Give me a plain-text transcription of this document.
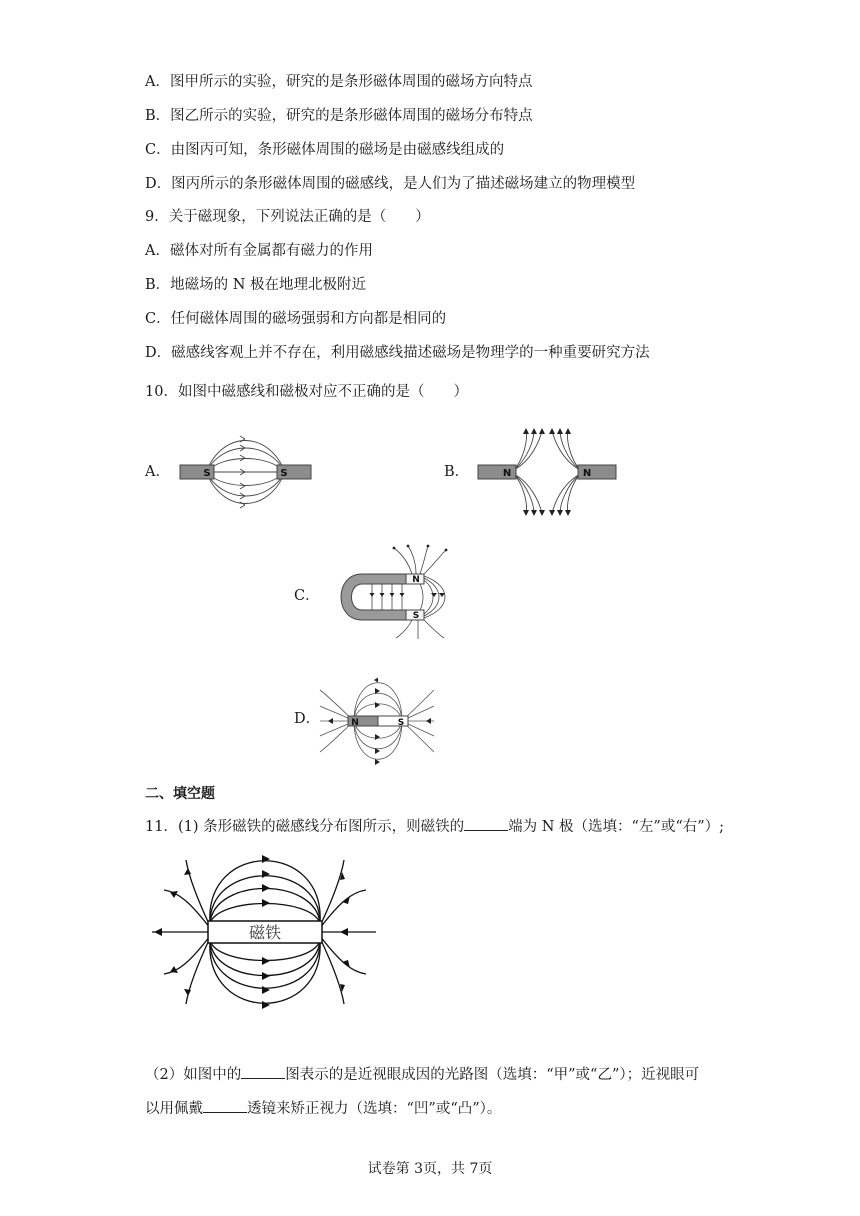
A．图甲所示的实验，研究的是条形磁体周围的磁场方向特点
B．图乙所示的实验，研究的是条形磁体周围的磁场分布特点
C．由图丙可知，条形磁体周围的磁场是由磁感线组成的
D．图丙所示的条形磁体周围的磁感线，是人们为了描述磁场建立的物理模型
9．关于磁现象，下列说法正确的是（　　）
A．磁体对所有金属都有磁力的作用
B．地磁场的 N 极在地理北极附近
C．任何磁体周围的磁场强弱和方向都是相同的
D．磁感线客观上并不存在，利用磁感线描述磁场是物理学的一种重要研究方法
10．如图中磁感线和磁极对应不正确的是（　　）
A．	S	S	B．	N	N
C．
N
S
D．	N	S
二、填空题
11．(1) 条形磁铁的磁感线分布图所示，则磁铁的	端为 N 极（选填：“左”或“右”）;
磁铁
（2）如图中的	图表示的是近视眼成因的光路图（选填：“甲”或“乙”）；近视眼可
以用佩戴	透镜来矫正视力（选填：“凹”或“凸”）。
试卷第 3页，共 7页
